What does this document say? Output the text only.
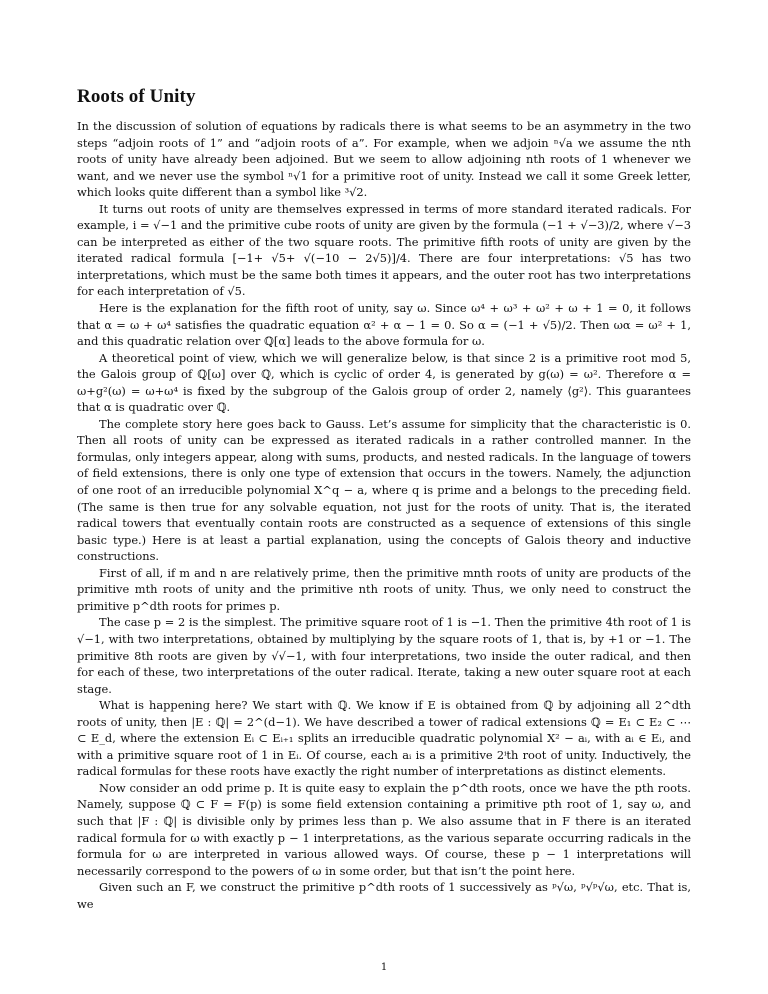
Roots of Unity

In the discussion of solution of equations by radicals there is what seems to be an asymmetry in the two steps “adjoin roots of 1” and “adjoin roots of a”. For example, when we adjoin ⁿ√a we assume the nth roots of unity have already been adjoined. But we seem to allow adjoining nth roots of 1 whenever we want, and we never use the symbol ⁿ√1 for a primitive root of unity. Instead we call it some Greek letter, which looks quite different than a symbol like ³√2.

It turns out roots of unity are themselves expressed in terms of more standard iterated radicals. For example, i = √−1 and the primitive cube roots of unity are given by the formula (−1 + √−3)/2, where √−3 can be interpreted as either of the two square roots. The primitive fifth roots of unity are given by the iterated radical formula [−1+ √5+ √(−10 − 2√5)]/4. There are four interpretations: √5 has two interpretations, which must be the same both times it appears, and the outer root has two interpretations for each interpretation of √5.

Here is the explanation for the fifth root of unity, say ω. Since ω⁴ + ω³ + ω² + ω + 1 = 0, it follows that α = ω + ω⁴ satisfies the quadratic equation α² + α − 1 = 0. So α = (−1 + √5)/2. Then ωα = ω² + 1, and this quadratic relation over ℚ[α] leads to the above formula for ω.

A theoretical point of view, which we will generalize below, is that since 2 is a primitive root mod 5, the Galois group of ℚ[ω] over ℚ, which is cyclic of order 4, is generated by g(ω) = ω². Therefore α = ω+g²(ω) = ω+ω⁴ is fixed by the subgroup of the Galois group of order 2, namely ⟨g²⟩. This guarantees that α is quadratic over ℚ.

The complete story here goes back to Gauss. Let’s assume for simplicity that the characteristic is 0. Then all roots of unity can be expressed as iterated radicals in a rather controlled manner. In the formulas, only integers appear, along with sums, products, and nested radicals. In the language of towers of field extensions, there is only one type of extension that occurs in the towers. Namely, the adjunction of one root of an irreducible polynomial X^q − a, where q is prime and a belongs to the preceding field. (The same is then true for any solvable equation, not just for the roots of unity. That is, the iterated radical towers that eventually contain roots are constructed as a sequence of extensions of this single basic type.) Here is at least a partial explanation, using the concepts of Galois theory and inductive constructions.

First of all, if m and n are relatively prime, then the primitive mnth roots of unity are products of the primitive mth roots of unity and the primitive nth roots of unity. Thus, we only need to construct the primitive p^dth roots for primes p.

The case p = 2 is the simplest. The primitive square root of 1 is −1. Then the primitive 4th root of 1 is √−1, with two interpretations, obtained by multiplying by the square roots of 1, that is, by +1 or −1. The primitive 8th roots are given by √√−1, with four interpretations, two inside the outer radical, and then for each of these, two interpretations of the outer radical. Iterate, taking a new outer square root at each stage.

What is happening here? We start with ℚ. We know if E is obtained from ℚ by adjoining all 2^dth roots of unity, then |E : ℚ| = 2^(d−1). We have described a tower of radical extensions ℚ = E₁ ⊂ E₂ ⊂ ⋯ ⊂ E_d, where the extension Eᵢ ⊂ Eᵢ₊₁ splits an irreducible quadratic polynomial X² − aᵢ, with aᵢ ∈ Eᵢ, and with a primitive square root of 1 in Eᵢ. Of course, each aᵢ is a primitive 2ⁱth root of unity. Inductively, the radical formulas for these roots have exactly the right number of interpretations as distinct elements.

Now consider an odd prime p. It is quite easy to explain the p^dth roots, once we have the pth roots. Namely, suppose ℚ ⊂ F = F(p) is some field extension containing a primitive pth root of 1, say ω, and such that |F : ℚ| is divisible only by primes less than p. We also assume that in F there is an iterated radical formula for ω with exactly p − 1 interpretations, as the various separate occurring radicals in the formula for ω are interpreted in various allowed ways. Of course, these p − 1 interpretations will necessarily correspond to the powers of ω in some order, but that isn’t the point here.

Given such an F, we construct the primitive p^dth roots of 1 successively as ᵖ√ω, ᵖ√ᵖ√ω, etc. That is, we

1
